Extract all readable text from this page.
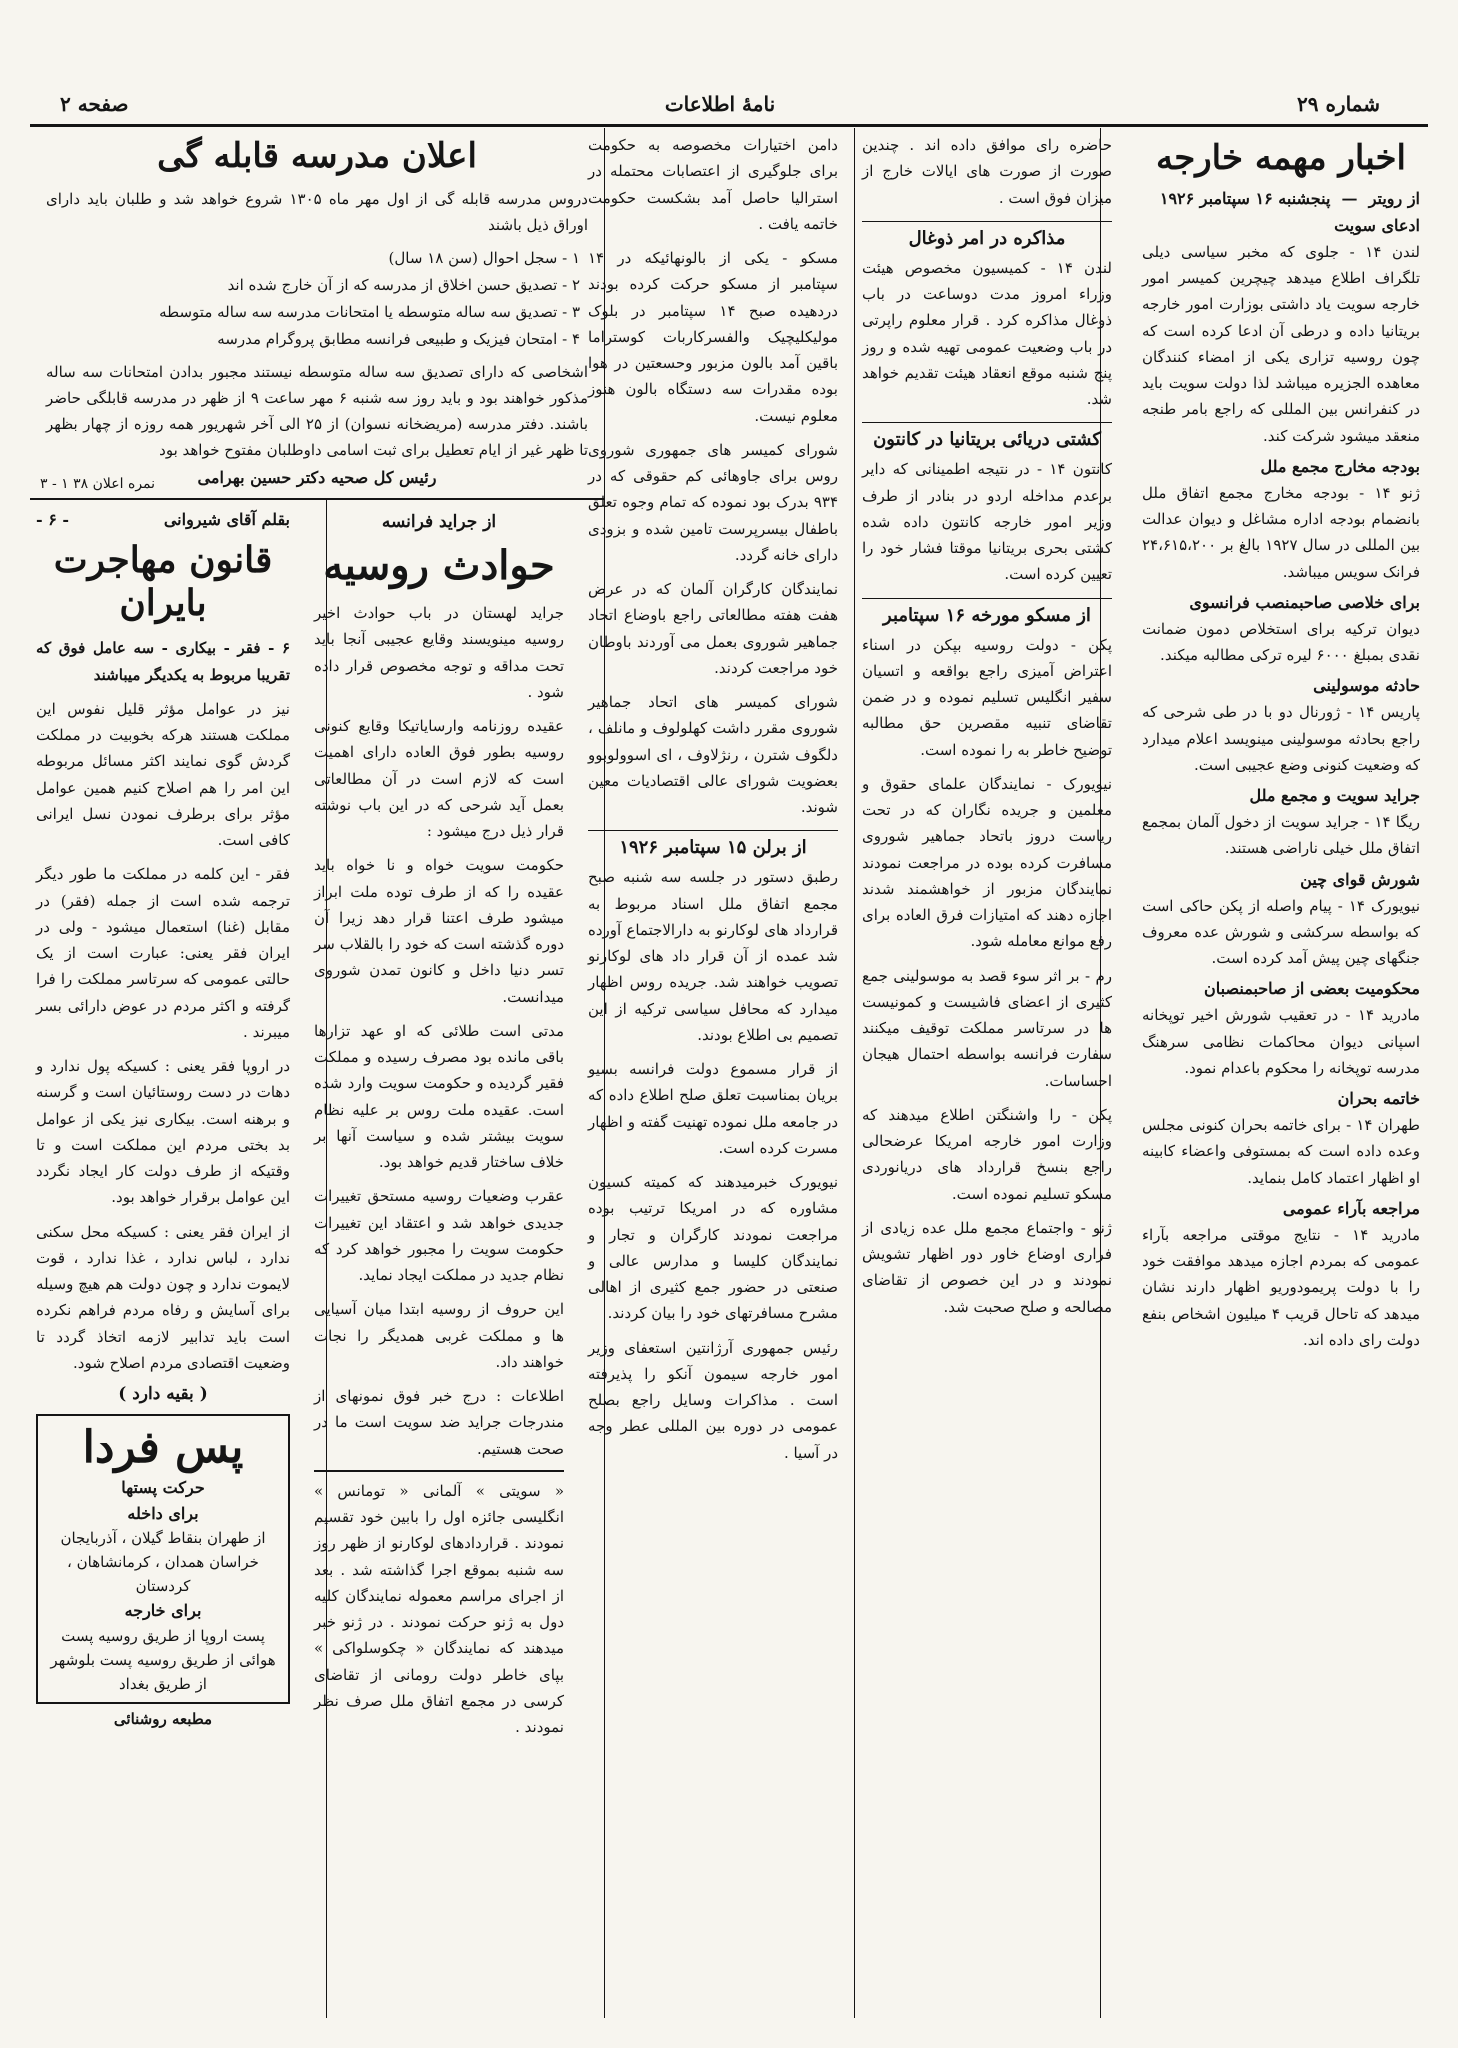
شماره ۲۹
نامهٔ اطلاعات
صفحه ۲
اخبار مهمه خارجه
از رویتر  —  پنجشنبه ۱۶ سپتامبر ۱۹۲۶
ادعای سویت

لندن ۱۴ - جلوی که مخبر سیاسی دیلی تلگراف اطلاع میدهد چیچرین کمیسر امور خارجه سویت یاد داشتی بوزارت امور خارجه بریتانیا داده و درطی آن ادعا کرده است که چون روسیه تزاری یکی از امضاء کنندگان معاهده الجزیره میباشد لذا دولت سویت باید در کنفرانس بین المللی که راجع بامر طنجه منعقد میشود شرکت کند.

بودجه مخارج مجمع ملل

ژنو ۱۴ - بودجه مخارج مجمع اتفاق ملل بانضمام بودجه اداره مشاغل و دیوان عدالت بین المللی در سال ۱۹۲۷ بالغ بر ۲۴،۶۱۵،۲۰۰ فرانک سویس میباشد.

برای خلاصی صاحبمنصب فرانسوی

دیوان ترکیه برای استخلاص دمون ضمانت نقدی بمبلغ ۶۰۰۰ لیره ترکی مطالبه میکند.

حادثه موسولینی

پاریس ۱۴ - ژورنال دو با در طی شرحی که راجع بحادثه موسولینی مینویسد اعلام میدارد که وضعیت کنونی وضع عجیبی است.

جراید سویت و مجمع ملل

ریگا ۱۴ - جراید سویت از دخول آلمان بمجمع اتفاق ملل خیلی ناراضی هستند.

شورش قوای چین

نیویورک ۱۴ - پیام واصله از پکن حاکی است که بواسطه سرکشی و شورش عده معروف جنگهای چین پیش آمد کرده است.

محکومیت بعضی از صاحبمنصبان

مادرید ۱۴ - در تعقیب شورش اخیر توپخانه اسپانی دیوان محاکمات نظامی سرهنگ مدرسه توپخانه را محکوم باعدام نمود.

خاتمه بحران

طهران ۱۴ - برای خاتمه بحران کنونی مجلس وعده داده است که بمستوفی واعضاء کابینه او اظهار اعتماد کامل بنماید.

مراجعه بآراء عمومی

مادرید ۱۴ - نتایج موقتی مراجعه بآراء عمومی که بمردم اجازه میدهد موافقت خود را با دولت پریمودوریو اظهار دارند نشان میدهد که تاحال قریب ۴ میلیون اشخاص بنفع دولت رای داده اند.

حاضره رای موافق داده اند . چندین صورت از صورت های ایالات خارج از میزان فوق است .

مذاکره در امر ذوغال

لندن ۱۴ - کمیسیون مخصوص هیئت وزراء امروز مدت دوساعت در باب ذوغال مذاکره کرد . قرار معلوم راپرتی در باب وضعیت عمومی تهیه شده و روز پنج شنبه موقع انعقاد هیئت تقدیم خواهد شد.

کشتی دریائی بریتانیا در کانتون

کانتون ۱۴ - در نتیجه اطمینانی که داير برعدم مداخله اردو در بنادر از طرف وزیر امور خارجه کانتون داده شده کشتی بحری بریتانیا موقتا فشار خود را تعیین کرده است.

از مسکو مورخه ۱۶ سپتامبر

پکن - دولت روسیه بپکن در اسناء اعتراض آمیزی راجع بواقعه و اتسیان سفیر انگلیس تسلیم نموده و در ضمن تقاضای تنبیه مقصرین حق مطالبه توضیح خاطر به را نموده است.

نیویورک - نمایندگان علمای حقوق و معلمین و جریده نگاران که در تحت ریاست دروز باتحاد جماهیر شوروی مسافرت کرده بوده در مراجعت نمودند نمایندگان مزبور از خواهشمند شدند اجازه دهند که امتیازات فرق العاده برای رفع موانع معامله شود.

رم - بر اثر سوء قصد به موسولینی جمع کثیری از اعضای فاشیست و کمونیست ها در سرتاسر مملکت توقیف میکنند سفارت فرانسه بواسطه احتمال هیجان احساسات.

پکن - را واشنگتن اطلاع میدهند که وزارت امور خارجه امریکا عرضحالی راجع بنسخ قرارداد های دریانوردی مسکو تسلیم نموده است.

ژنو - واجتماع مجمع ملل عده زیادی از فراری اوضاع خاور دور اظهار تشویش نمودند و در این خصوص از تقاضای مصالحه و صلح صحبت شد.

دامن اختیارات مخصوصه به حکومت برای جلوگیری از اعتصابات محتمله در استرالیا حاصل آمد بشکست حکومت خاتمه یافت .

مسکو - یکی از بالونهائیکه در ۱۴ سپتامبر از مسکو حرکت کرده بودند دردهیده صبح ۱۴ سپتامبر در بلوک مولیکلیچیک والفسرکاربات کوستراما باقین آمد بالون مزبور وحسعتین در هوا بوده مقدرات سه دستگاه بالون هنوز معلوم نیست.

شورای کمیسر های جمهوری شوروی روس برای جاوهائی کم حقوقی که در ۹۳۴ بدرک بود نموده که تمام وجوه تعلق باطفال بیسرپرست تامین شده و بزودی دارای خانه گردد.

نمایندگان کارگران آلمان که در عرض هفت هفته مطالعاتی راجع باوضاع اتحاد جماهیر شوروی بعمل می آوردند باوطان خود مراجعت کردند.

شورای کمیسر های اتحاد جماهیر شوروی مقرر داشت کهلولوف و مانلف ، دلگوف شترن ، رنژلاوف ، ای اسوولوبوو بعضویت شورای عالی اقتصادیات معین شوند.

از برلن ۱۵ سپتامبر ۱۹۲۶

رطبق دستور در جلسه سه شنبه صبح مجمع اتفاق ملل اسناد مربوط به قرارداد های لوکارنو به دارالاجتماع آورده شد عمده از آن قرار داد های لوکارنو تصویب خواهند شد. جریده روس اظهار میدارد که محافل سیاسی ترکیه از این تصمیم بی اطلاع بودند.

از قرار مسموع دولت فرانسه بسیو بریان بمناسبت تعلق صلح اطلاع داده که در جامعه ملل نموده تهنیت گفته و اظهار مسرت کرده است.

نیویورک خبرمیدهند که کمیته کسیون مشاوره که در امریکا ترتیب بوده مراجعت نمودند کارگران و تجار و نمایندگان کلیسا و مدارس عالی و صنعتی در حضور جمع کثیری از اهالی مشرح مسافرتهای خود را بیان کردند.

رئیس جمهوری آرژانتین استعفای وزیر امور خارجه سیمون آنکو را پذیرفته است . مذاکرات وسایل راجع بصلح عمومی در دوره بین المللی عطر وجه در آسیا .

اعلان مدرسه قابله گی

دروس مدرسه قابله گی از اول مهر ماه ۱۳۰۵ شروع خواهد شد و طلبان باید دارای اوراق ذیل باشند

۱ - سجل احوال (سن ۱۸ سال)
۲ - تصدیق حسن اخلاق از مدرسه که از آن خارج شده اند
۳ - تصدیق سه ساله متوسطه یا امتحانات مدرسه سه ساله متوسطه
۴ - امتحان فیزیک و طبیعی فرانسه مطابق پروگرام مدرسه

اشخاصی که دارای تصدیق سه ساله متوسطه نیستند مجبور بدادن امتحانات سه ساله مذکور خواهند بود و باید روز سه شنبه ۶ مهر ساعت ۹ از ظهر در مدرسه قابلگی حاضر باشند. دفتر مدرسه (مریضخانه نسوان) از ۲۵ الی آخر شهریور همه روزه از چهار بظهر تا ظهر غیر از ایام تعطیل برای ثبت اسامی داوطلبان مفتوح خواهد بود

رئیس کل صحیه دکتر حسین بهرامی
نمره اعلان ۳۸ ۱ - ۳
از جراید فرانسه
حوادث روسیه

جراید لهستان در باب حوادث اخیر روسیه مینویسند وقایع عجیبی آنجا باید تحت مداقه و توجه مخصوص قرار داده شود .

عقیده روزنامه وارسایاتیکا وقایع کنونی روسیه بطور فوق العاده دارای اهمیت است که لازم است در آن مطالعاتی بعمل آید شرحی که در این باب نوشته قرار ذیل درج میشود :

حکومت سویت خواه و نا خواه باید عقیده را که از طرف توده ملت ابراز میشود طرف اعتنا قرار دهد زیرا آن دوره گذشته است که خود را بالقلاب سر تسر دنیا داخل و کانون تمدن شوروی میدانست.

مدتی است طلائی که او عهد تزارها باقی مانده بود مصرف رسیده و مملکت فقیر گردیده و حکومت سویت وارد شده است. عقیده ملت روس بر علیه نظام سویت بیشتر شده و سیاست آنها بر خلاف ساختار قدیم خواهد بود.

عقرب وضعیات روسیه مستحق تغییرات جدیدی خواهد شد و اعتقاد این تغییرات حکومت سویت را مجبور خواهد کرد که نظام جدید در مملکت ایجاد نماید.

این حروف از روسیه ابتدا میان آسیایی ها و مملکت غربی همدیگر را نجات خواهند داد.

اطلاعات : درج خبر فوق نمونهای از مندرجات جراید ضد سویت است ما در صحت هستیم.

« سویتی » آلمانی « تومانس » انگلیسی جائزه اول را بابین خود تقسیم نمودند . قراردادهای لوکارنو از ظهر روز سه شنبه بموقع اجرا گذاشته شد . بعد از اجرای مراسم معموله نمایندگان کلیه دول به ژنو حرکت نمودند . در ژنو خبر میدهند که نمایندگان « چکوسلواکی » بپای خاطر دولت رومانی از تقاضای کرسی در مجمع اتفاق ملل صرف نظر نمودند .

بقلم آقای شیروانی
- ۶ -
قانون مهاجرت بایران

۶ - فقر - بیکاری - سه عامل فوق که تقریبا مربوط به یکدیگر میباشند

نیز در عوامل مؤثر قلیل نفوس این مملکت هستند هرکه بخوبیت در مملکت گردش گوی نمایند اکثر مسائل مربوطه این امر را هم اصلاح کنیم همین عوامل مؤثر برای برطرف نمودن نسل ایرانی کافی است.

فقر - این کلمه در مملکت ما طور دیگر ترجمه شده است از جمله (فقر) در مقابل (غنا) استعمال میشود - ولی در ایران فقر یعنی: عبارت است از یک حالتی عمومی که سرتاسر مملکت را فرا گرفته و اکثر مردم در عوض دارائی بسر میبرند .

در اروپا فقر یعنی : کسیکه پول ندارد و دهات در دست روستائیان است و گرسنه و برهنه است. بیکاری نیز یکی از عوامل بد بختی مردم این مملکت است و تا وقتیکه از طرف دولت کار ایجاد نگردد این عوامل برقرار خواهد بود.

از ایران فقر یعنی : کسیکه محل سکنی ندارد ، لباس ندارد ، غذا ندارد ، قوت لایموت ندارد و چون دولت هم هیچ وسیله برای آسایش و رفاه مردم فراهم نکرده است باید تدابیر لازمه اتخاذ گردد تا وضعیت اقتصادی مردم اصلاح شود.

( بقیه دارد )
پس فردا
حرکت پستها
برای داخله
از طهران بنقاط گیلان ، آذربایجان خراسان همدان ، کرمانشاهان ، کردستان
برای خارجه
پست اروپا از طریق روسیه پست هوائی از طریق روسیه پست بلوشهر از طریق بغداد
مطبعه روشنائی
